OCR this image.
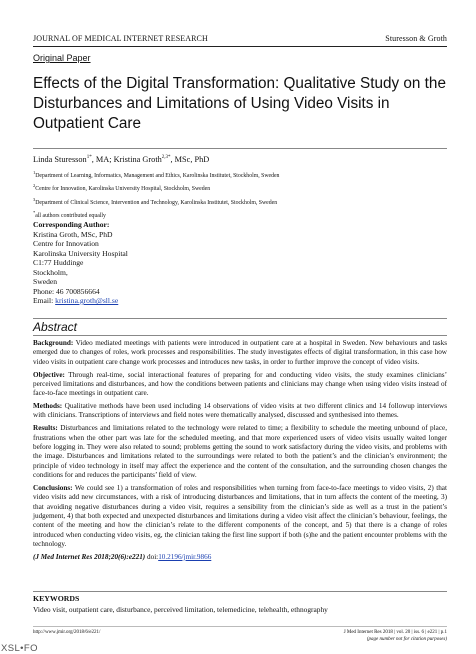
JOURNAL OF MEDICAL INTERNET RESEARCH	Sturesson & Groth
Original Paper
Effects of the Digital Transformation: Qualitative Study on the Disturbances and Limitations of Using Video Visits in Outpatient Care
Linda Sturesson$^{1*}$, MA; Kristina Groth$^{2,3*}$, MSc, PhD
$^1$Department of Learning, Informatics, Management and Ethics, Karolinska Institutet, Stockholm, Sweden
$^2$Centre for Innovation, Karolinska University Hospital, Stockholm, Sweden
$^3$Department of Clinical Science, Intervention and Technology, Karolinska Institutet, Stockholm, Sweden
*all authors contributed equally
Corresponding Author:
Kristina Groth, MSc, PhD
Centre for Innovation
Karolinska University Hospital
C1:77 Huddinge
Stockholm,
Sweden
Phone: 46 700856664
Email: kristina.groth@sll.se
Abstract

Background: Video mediated meetings with patients were introduced in outpatient care at a hospital in Sweden. New behaviours and tasks emerged due to changes of roles, work processes and responsibilities. The study investigates effects of digital transformation, in this case how video visits in outpatient care change work processes and introduces new tasks, in order to further improve the concept of video visits.

Objective: Through real-time, social interactional features of preparing for and conducting video visits, the study examines clinicians’ perceived limitations and disturbances, and how the conditions between patients and clinicians may change when using video visits instead of face-to-face meetings in outpatient care.

Methods: Qualitative methods have been used including 14 observations of video visits at two different clinics and 14 followup interviews with clinicians. Transcriptions of interviews and field notes were thematically analysed, discussed and synthesised into themes.

Results: Disturbances and limitations related to the technology were related to time; a flexibility to schedule the meeting unbound of place, frustrations when the other part was late for the scheduled meeting, and that more experienced users of video visits usually waited longer before logging in. They were also related to sound; problems getting the sound to work satisfactory during the video visits, and problems with the image. Disturbances and limitations related to the surroundings were related to both the patient’s and the clinician’s environment; the principle of video technology in itself may affect the experience and the content of the consultation, and the surrounding chosen changes the conditions for and reduces the participants’ field of view.

Conclusions: We could see 1) a transformation of roles and responsibilities when turning from face-to-face meetings to video visits, 2) that video visits add new circumstances, with a risk of introducing disturbances and limitations, that in turn affects the content of the meeting, 3) that avoiding negative disturbances during a video visit, requires a sensibility from the clinician’s side as well as a trust in the patient’s judgement, 4) that both expected and unexpected disturbances and limitations during a video visit affect the clinician’s behaviour, feelings, the content of the meeting and how the clinician’s relate to the different components of the concept, and 5) that there is a change of roles introduced when conducting video visits, eg, the clinician taking the first line support if both (s)he and the patient encounter problems with the technology.

(J Med Internet Res 2018;20(6):e221) doi:10.2196/jmir.9866

KEYWORDS
Video visit, outpatient care, disturbance, perceived limitation, telemedicine, telehealth, ethnography
http://www.jmir.org/2018/6/e221/	J Med Internet Res 2018 | vol. 20 | iss. 6 | e221 | p.1
(page number not for citation purposes)
XSL•FO
